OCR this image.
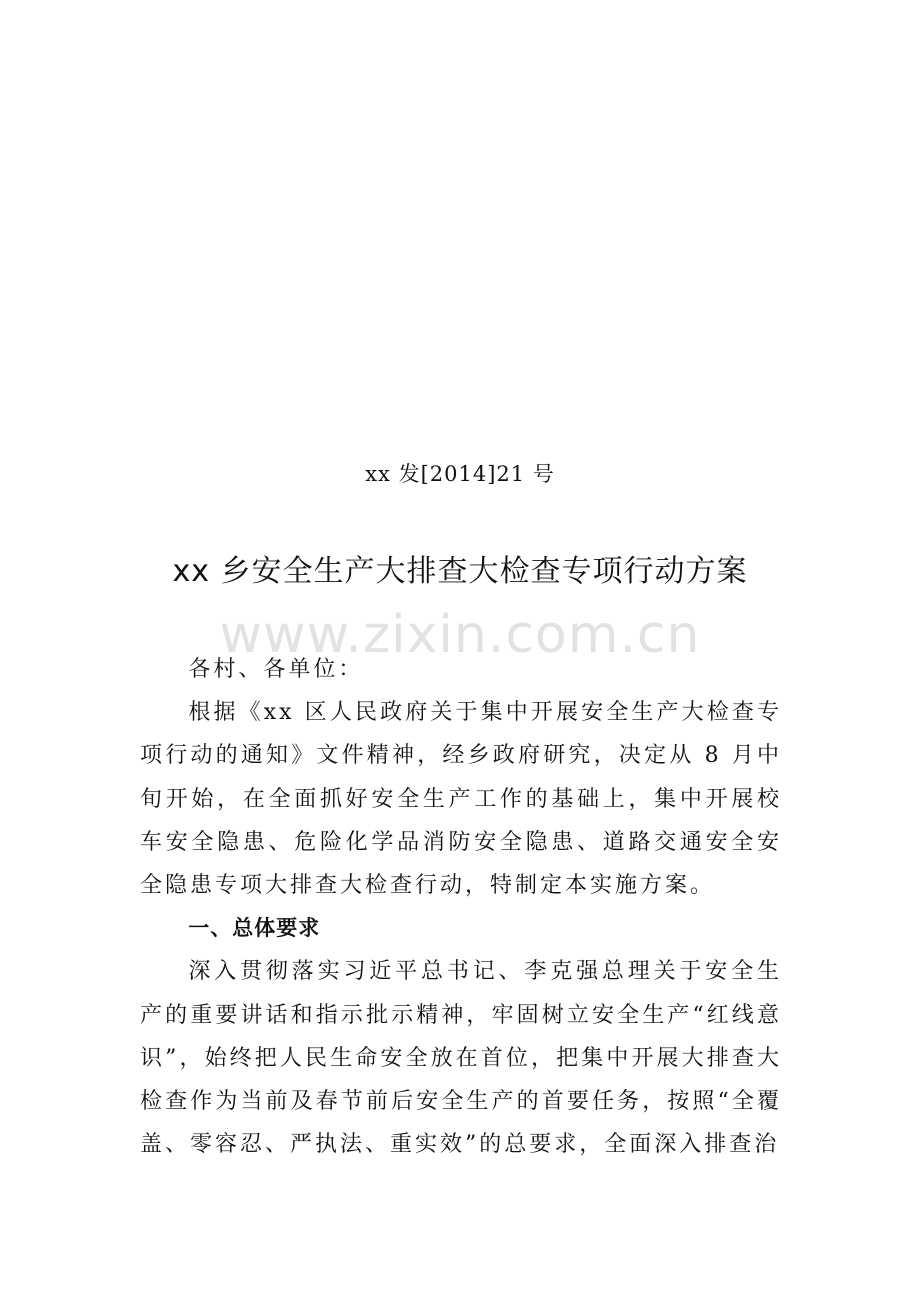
xx 发[2014]21 号
xx 乡安全生产大排查大检查专项行动方案
www.zixin.com.cn

各村、各单位：

根据《xx 区人民政府关于集中开展安全生产大检查专项行动的通知》文件精神，经乡政府研究，决定从 8 月中旬开始，在全面抓好安全生产工作的基础上，集中开展校车安全隐患、危险化学品消防安全隐患、道路交通安全安全隐患专项大排查大检查行动，特制定本实施方案。

一、总体要求

深入贯彻落实习近平总书记、李克强总理关于安全生产的重要讲话和指示批示精神，牢固树立安全生产“红线意识”，始终把人民生命安全放在首位，把集中开展大排查大检查作为当前及春节前后安全生产的首要任务，按照“全覆盖、零容忍、严执法、重实效”的总要求，全面深入排查治
